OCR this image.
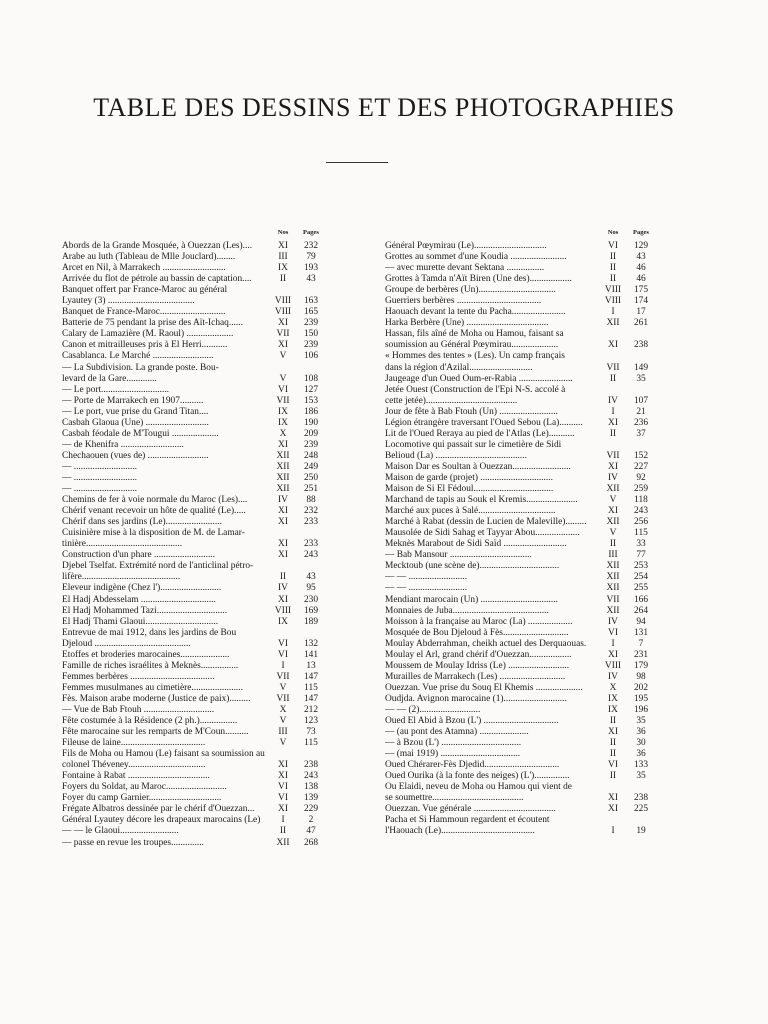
TABLE DES DESSINS ET DES PHOTOGRAPHIES
Nos	Pages
Abords de la Grande Mosquée, à Ouezzan (Les)....	XI	232
Arabe au luth (Tableau de Mlle Jouclard)........	III	79
Arcet en Nil, à Marrakech ...........................	IX	193
Arrivée du flot de pétrole au bassin de captation....	II	43
Banquet offert par France-Maroc au général
Lyautey (3) .....................................	VIII	163
Banquet de France-Maroc............................	VIII	165
Batterie de 75 pendant la prise des Aït-Ichaq......	XI	239
Calary de Lamazière (M. Raoul) ....................	VII	150
Canon et mitrailleuses pris à El Herri...........	XI	239
Casablanca. Le Marché ..........................	V	106
— La Subdivision. La grande poste. Bou-
levard de la Gare.............	V	108
— Le port.............................	VI	127
— Porte de Marrakech en 1907..........	VII	153
— Le port, vue prise du Grand Titan....	IX	186
Casbah Glaoua (Une) ...........................	IX	190
Casbah féodale de M'Tougui ....................	X	209
— de Khenifra ...........................	XI	239
Chechaouen (vues de) ..........................	XII	248
— ...........................	XII	249
— ...........................	XII	250
— ...........................	XII	251
Chemins de fer à voie normale du Maroc (Les)....	IV	88
Chérif venant recevoir un hôte de qualité (Le).....	XI	232
Chérif dans ses jardins (Le)........................	XI	233
Cuisinière mise à la disposition de M. de Lamar-
tinière.........................................	XI	233
Construction d'un phare ..........................	XI	243
Djebel Tselfat. Extrémité nord de l'anticlinal pétro-
lifère..........................................	II	43
Eleveur indigène (Chez l')..........................	IV	95
El Hadj Abdesselam ................................	XI	230
El Hadj Mohammed Tazi..............................	VIII	169
El Hadj Thami Glaoui...............................	IX	189
Entrevue de mai 1912, dans les jardins de Bou
Djeloud .........................................	VI	132
Etoffes et broderies marocaines.....................	VI	141
Famille de riches israélites à Meknès................	I	13
Femmes berbères ....................................	VII	147
Femmes musulmanes au cimetière......................	V	115
Fès. Maison arabe moderne (Justice de paix).........	VII	147
— Vue de Bab Ftouh ..............................	X	212
Fête costumée à la Résidence (2 ph.)................	V	123
Fête marocaine sur les remparts de M'Coun..........	III	73
Fileuse de laine....................................	V	115
Fils de Moha ou Hamou (Le) faisant sa soumission au
colonel Théveney.................................	XI	238
Fontaine à Rabat ...................................	XI	243
Foyers du Soldat, au Maroc..........................	VI	138
Foyer du camp Garnier...............................	VI	139
Frégate Albatros dessinée par le chérif d'Ouezzan...	XI	229
Général Lyautey décore les drapeaux marocains (Le)	I	2
— — le Glaoui.........................	II	47
— passe en revue les troupes..............	XII	268
Nos	Pages
Général Pœymirau (Le)...............................	VI	129
Grottes au sommet d'une Koudia ........................	II	43
— avec murette devant Sektana ................	II	46
Grottes à Tamda n'Aït Biren (Une des)..................	II	46
Groupe de berbères (Un).................................	VIII	175
Guerriers berbères ....................................	VIII	174
Haouach devant la tente du Pacha.......................	I	17
Harka Berbère (Une) ...................................	XII	261
Hassan, fils aîné de Moha ou Hamou, faisant sa
soumission au Général Pœymirau....................	XI	238
« Hommes des tentes » (Les). Un camp français
dans la région d'Azilal...........................	VII	149
Jaugeage d'un Oued Oum-er-Rabia .......................	II	35
Jetée Ouest (Construction de l'Epi N-S. accolé à
cette jetée).......................................	IV	107
Jour de fête à Bab Ftouh (Un) .........................	I	21
Légion étrangère traversant l'Oued Sebou (La)..........	XI	236
Lit de l'Oued Reraya au pied de l'Atlas (Le)...........	II	37
Locomotive qui passait sur le cimetière de Sidi
Belioud (La) .......................................	VII	152
Maison Dar es Soultan à Ouezzan.........................	XI	227
Maison de garde (projet) ...............................	IV	92
Maison de Si El Fédoul..................................	XII	259
Marchand de tapis au Souk el Kremis......................	V	118
Marché aux puces à Salé.................................	XI	243
Marché à Rabat (dessin de Lucien de Maleville).........	XII	256
Mausolée de Sidi Sahag et Tayyar Abou...................	V	115
Meknès Marabout de Sidi Saïd ...........................	II	33
— Bab Mansour ...................................	III	77
Mecktoub (une scène de)..................................	XII	253
— — .........................	XII	254
— — .........................	XII	255
Mendiant marocain (Un) .................................	VII	166
Monnaies de Juba.........................................	XII	264
Moisson à la française au Maroc (La) ...................	IV	94
Mosquée de Bou Djeloud à Fès............................	VI	131
Moulay Abderrahman, cheikh actuel des Derquaouas.	I	7
Moulay el Arl, grand chérif d'Ouezzan..................	XI	231
Moussem de Moulay Idriss (Le) ..........................	VIII	179
Murailles de Marrakech (Les) ............................	IV	98
Ouezzan. Vue prise du Souq El Khemis ....................	X	202
Oudjda. Avignon marocaine (1)...........................	IX	195
— — (2)..........................	IX	196
Oued El Abid à Bzou (L') ................................	II	35
— (au pont des Atamna) .....................	XI	36
— à Bzou (L') ..................................	II	30
— (mai 1919) ..................................	II	36
Oued Chérarer-Fès Djedid................................	VI	133
Oued Ourika (à la fonte des neiges) (L')...............	II	35
Ou Elaidi, neveu de Moha ou Hamou qui vient de
se soumettre.......................................	XI	238
Ouezzan. Vue générale ...................................	XI	225
Pacha et Si Hammoun regardent et écoutent
l'Haouach (Le)........................................	I	19
